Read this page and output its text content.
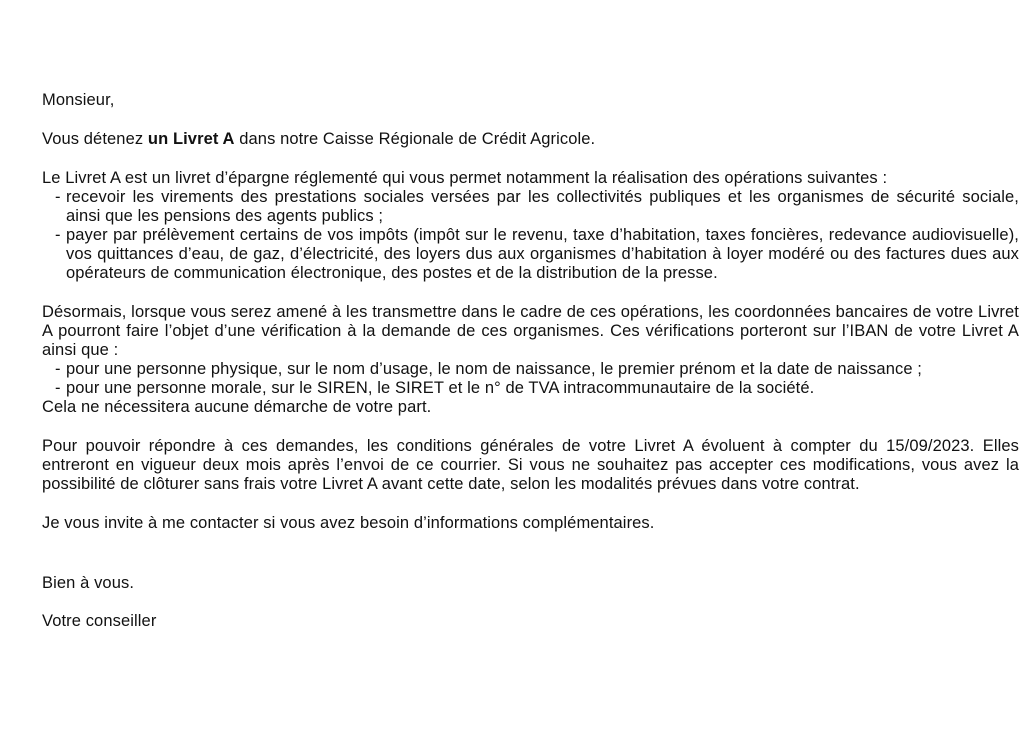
Monsieur,

Vous détenez un Livret A dans notre Caisse Régionale de Crédit Agricole.

Le Livret A est un livret d’épargne réglementé qui vous permet notamment la réalisation des opérations suivantes :

- recevoir les virements des prestations sociales versées par les collectivités publiques et les organismes de sécurité sociale, ainsi que les pensions des agents publics ;
- payer par prélèvement certains de vos impôts (impôt sur le revenu, taxe d’habitation, taxes foncières, redevance audiovisuelle), vos quittances d’eau, de gaz, d’électricité, des loyers dus aux organismes d’habitation à loyer modéré ou des factures dues aux opérateurs de communication électronique, des postes et de la distribution de la presse.

Désormais, lorsque vous serez amené à les transmettre dans le cadre de ces opérations, les coordonnées bancaires de votre Livret A pourront faire l’objet d’une vérification à la demande de ces organismes. Ces vérifications porteront sur l’IBAN de votre Livret A ainsi que :

- pour une personne physique, sur le nom d’usage, le nom de naissance, le premier prénom et la date de naissance ;
- pour une personne morale, sur le SIREN, le SIRET et le n° de TVA intracommunautaire de la société.

Cela ne nécessitera aucune démarche de votre part.

Pour pouvoir répondre à ces demandes, les conditions générales de votre Livret A évoluent à compter du 15/09/2023. Elles entreront en vigueur deux mois après l’envoi de ce courrier. Si vous ne souhaitez pas accepter ces modifications, vous avez la possibilité de clôturer sans frais votre Livret A avant cette date, selon les modalités prévues dans votre contrat.

Je vous invite à me contacter si vous avez besoin d’informations complémentaires.

Bien à vous.

Votre conseiller
